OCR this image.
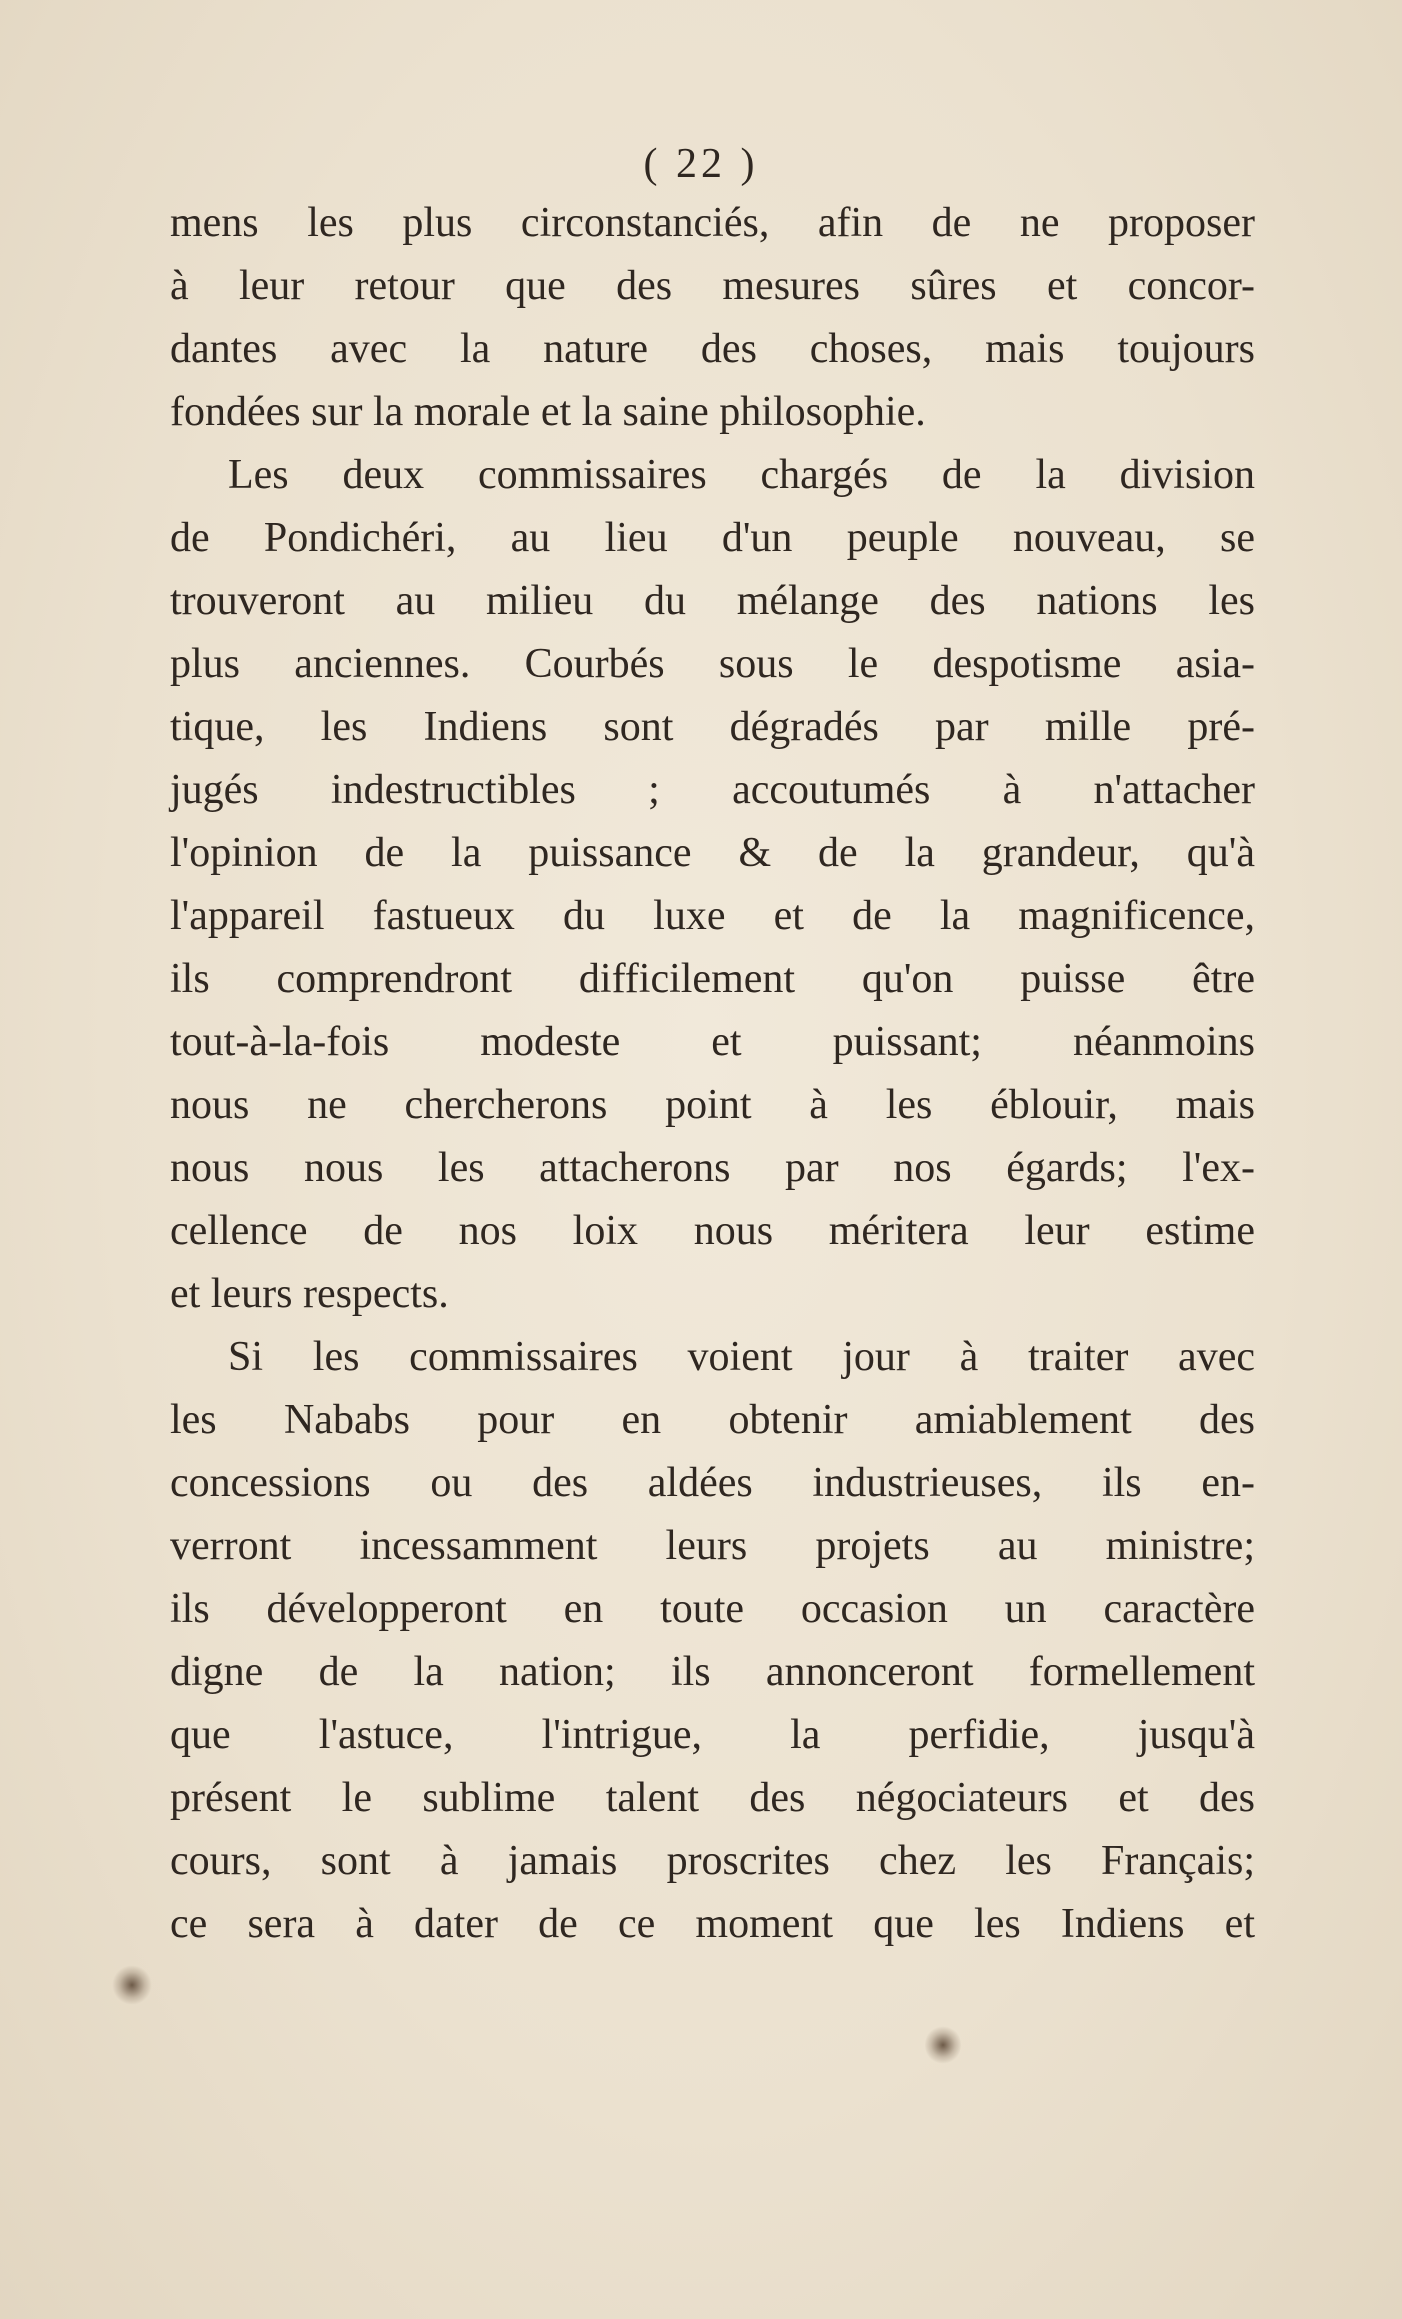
( 22 )
mens les plus circonstanciés, afin de ne proposer
à leur retour que des mesures sûres et concor-
dantes avec la nature des choses, mais toujours
fondées sur la morale et la saine philosophie.
Les deux commissaires chargés de la division
de Pondichéri, au lieu d'un peuple nouveau, se
trouveront au milieu du mélange des nations les
plus anciennes. Courbés sous le despotisme asia-
tique, les Indiens sont dégradés par mille pré-
jugés indestructibles ; accoutumés à n'attacher
l'opinion de la puissance & de la grandeur, qu'à
l'appareil fastueux du luxe et de la magnificence,
ils comprendront difficilement qu'on puisse être
tout-à-la-fois modeste et puissant; néanmoins
nous ne chercherons point à les éblouir, mais
nous nous les attacherons par nos égards; l'ex-
cellence de nos loix nous méritera leur estime
et leurs respects.
Si les commissaires voient jour à traiter avec
les Nababs pour en obtenir amiablement des
concessions ou des aldées industrieuses, ils en-
verront incessamment leurs projets au ministre;
ils développeront en toute occasion un caractère
digne de la nation; ils annonceront formellement
que l'astuce, l'intrigue, la perfidie, jusqu'à
présent le sublime talent des négociateurs et des
cours, sont à jamais proscrites chez les Français;
ce sera à dater de ce moment que les Indiens et
